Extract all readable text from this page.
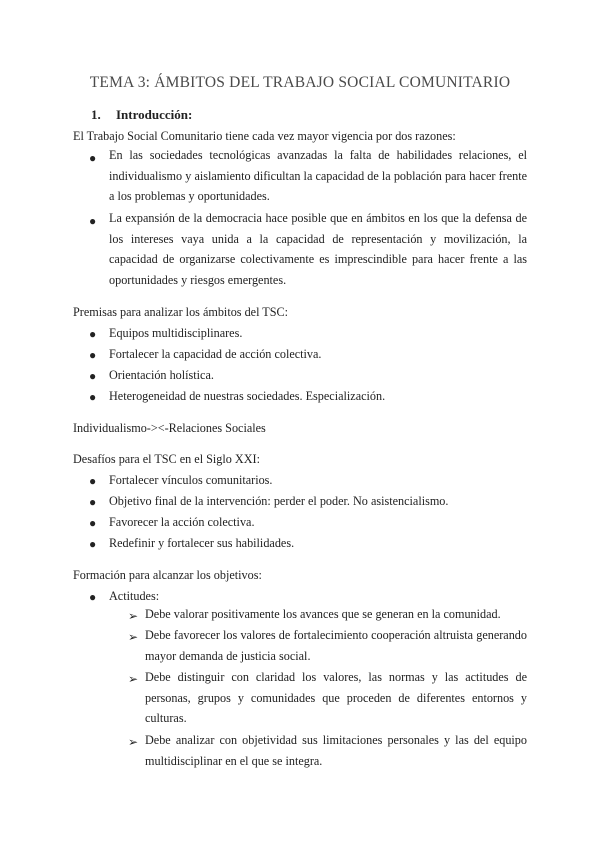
TEMA 3: ÁMBITOS DEL TRABAJO SOCIAL COMUNITARIO
1. Introducción:
El Trabajo Social Comunitario tiene cada vez mayor vigencia por dos razones:
● En las sociedades tecnológicas avanzadas la falta de habilidades relaciones, el individualismo y aislamiento dificultan la capacidad de la población para hacer frente a los problemas y oportunidades.
● La expansión de la democracia hace posible que en ámbitos en los que la defensa de los intereses vaya unida a la capacidad de representación y movilización, la capacidad de organizarse colectivamente es imprescindible para hacer frente a las oportunidades y riesgos emergentes.
Premisas para analizar los ámbitos del TSC:
● Equipos multidisciplinares.
● Fortalecer la capacidad de acción colectiva.
● Orientación holística.
● Heterogeneidad de nuestras sociedades. Especialización.
Individualismo-><-Relaciones Sociales
Desafíos para el TSC en el Siglo XXI:
● Fortalecer vínculos comunitarios.
● Objetivo final de la intervención: perder el poder. No asistencialismo.
● Favorecer la acción colectiva.
● Redefinir y fortalecer sus habilidades.
Formación para alcanzar los objetivos:
● Actitudes:
➢ Debe valorar positivamente los avances que se generan en la comunidad.
➢ Debe favorecer los valores de fortalecimiento cooperación altruista generando mayor demanda de justicia social.
➢ Debe distinguir con claridad los valores, las normas y las actitudes de personas, grupos y comunidades que proceden de diferentes entornos y culturas.
➢ Debe analizar con objetividad sus limitaciones personales y las del equipo multidisciplinar en el que se integra.
